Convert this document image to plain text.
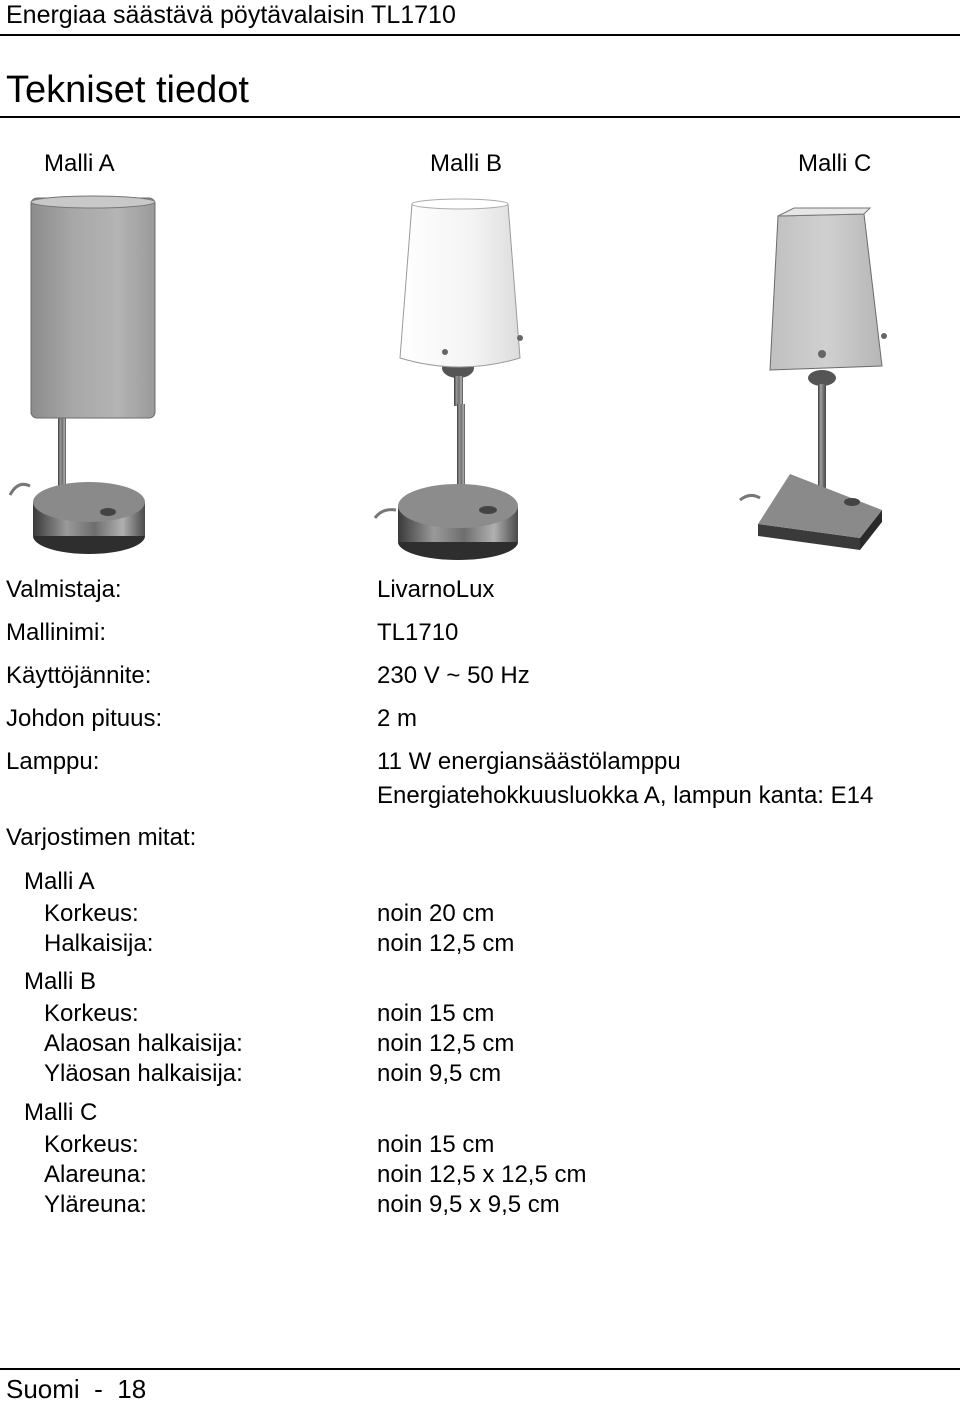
Energiaa säästävä pöytävalaisin TL1710
Tekniset tiedot
Malli A	Malli B	Malli C
Valmistaja:	LivarnoLux
Mallinimi:	TL1710
Käyttöjännite:	230 V ~ 50 Hz
Johdon pituus:	2 m
Lamppu:	11 W energiansäästölamppu
Energiatehokkuusluokka A, lampun kanta: E14
Varjostimen mitat:
Malli A
Korkeus:	noin 20 cm
Halkaisija:	noin 12,5 cm
Malli B
Korkeus:	noin 15 cm
Alaosan halkaisija:	noin 12,5 cm
Yläosan halkaisija:	noin 9,5 cm
Malli C
Korkeus:	noin 15 cm
Alareuna:	noin 12,5 x 12,5 cm
Yläreuna:	noin 9,5 x 9,5 cm
Suomi  -  18
